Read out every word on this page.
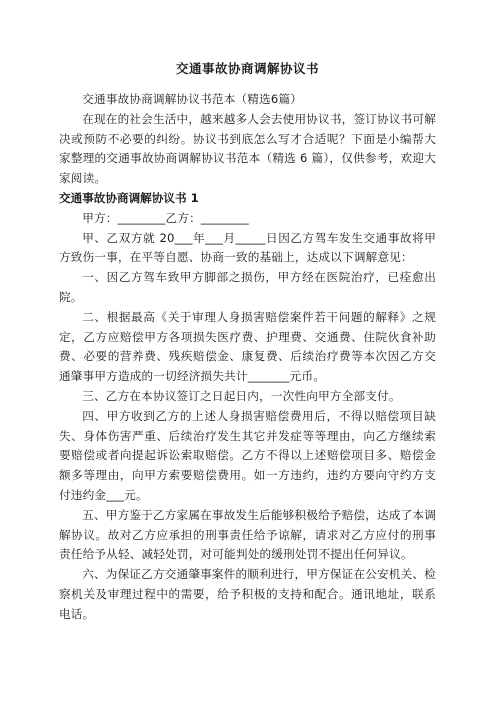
交通事故协商调解协议书

交通事故协商调解协议书范本（精选6篇）

在现在的社会生活中，越来越多人会去使用协议书，签订协议书可解决或预防不必要的纠纷。协议书到底怎么写才合适呢？下面是小编帮大家整理的交通事故协商调解协议书范本（精选 6 篇），仅供参考，欢迎大家阅读。

交通事故协商调解协议书 1

甲方：________乙方：________

甲、乙双方就 20___年___月_____日因乙方驾车发生交通事故将甲方致伤一事，在平等自愿、协商一致的基础上，达成以下调解意见：

一、因乙方驾车致甲方脚部之损伤，甲方经在医院治疗，已痊愈出院。

二、根据最高《关于审理人身损害赔偿案件若干问题的解释》之规定，乙方应赔偿甲方各项损失医疗费、护理费、交通费、住院伙食补助费、必要的营养费、残疾赔偿金、康复费、后续治疗费等本次因乙方交通肇事甲方造成的一切经济损失共计_______元币。

三、乙方在本协议签订之日起日内，一次性向甲方全部支付。

四、甲方收到乙方的上述人身损害赔偿费用后，不得以赔偿项目缺失、身体伤害严重、后续治疗发生其它并发症等等理由，向乙方继续索要赔偿或者向提起诉讼索取赔偿。乙方不得以上述赔偿项目多、赔偿金额多等理由，向甲方索要赔偿费用。如一方违约，违约方要向守约方支付违约金___元。

五、甲方鉴于乙方家属在事故发生后能够积极给予赔偿，达成了本调解协议。故对乙方应承担的刑事责任给予谅解，请求对乙方应付的刑事责任给予从轻、减轻处罚，对可能判处的缓刑处罚不提出任何异议。

六、为保证乙方交通肇事案件的顺利进行，甲方保证在公安机关、检察机关及审理过程中的需要，给予积极的支持和配合。通讯地址，联系电话。
